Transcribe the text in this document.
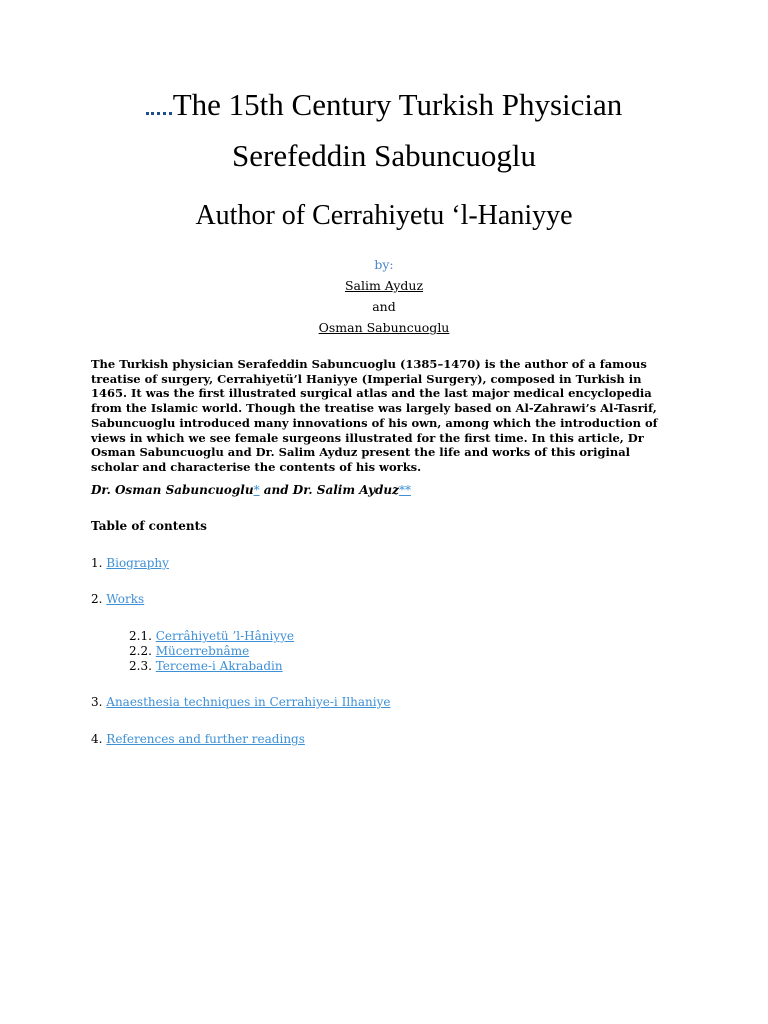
The 15th Century Turkish Physician
Serefeddin Sabuncuoglu
Author of Cerrahiyetu ‘l-Haniyye
by:
Salim Ayduz
and
Osman Sabuncuoglu
The Turkish physician Serafeddin Sabuncuoglu (1385–1470) is the author of a famous treatise of surgery, Cerrahiyetü’l Haniyye (Imperial Surgery), composed in Turkish in 1465. It was the first illustrated surgical atlas and the last major medical encyclopedia from the Islamic world. Though the treatise was largely based on Al-Zahrawi’s Al-Tasrif, Sabuncuoglu introduced many innovations of his own, among which the introduction of views in which we see female surgeons illustrated for the first time. In this article, Dr Osman Sabuncuoglu and Dr. Salim Ayduz present the life and works of this original scholar and characterise the contents of his works.
Dr. Osman Sabuncuoglu* and Dr. Salim Ayduz**
Table of contents
1. Biography
2. Works
2.1. Cerrâhiyetü ’l-Hâniyye
2.2. Mücerrebnâme
2.3. Terceme-i Akrabadin
3. Anaesthesia techniques in Cerrahiye-i Ilhaniye
4. References and further readings
